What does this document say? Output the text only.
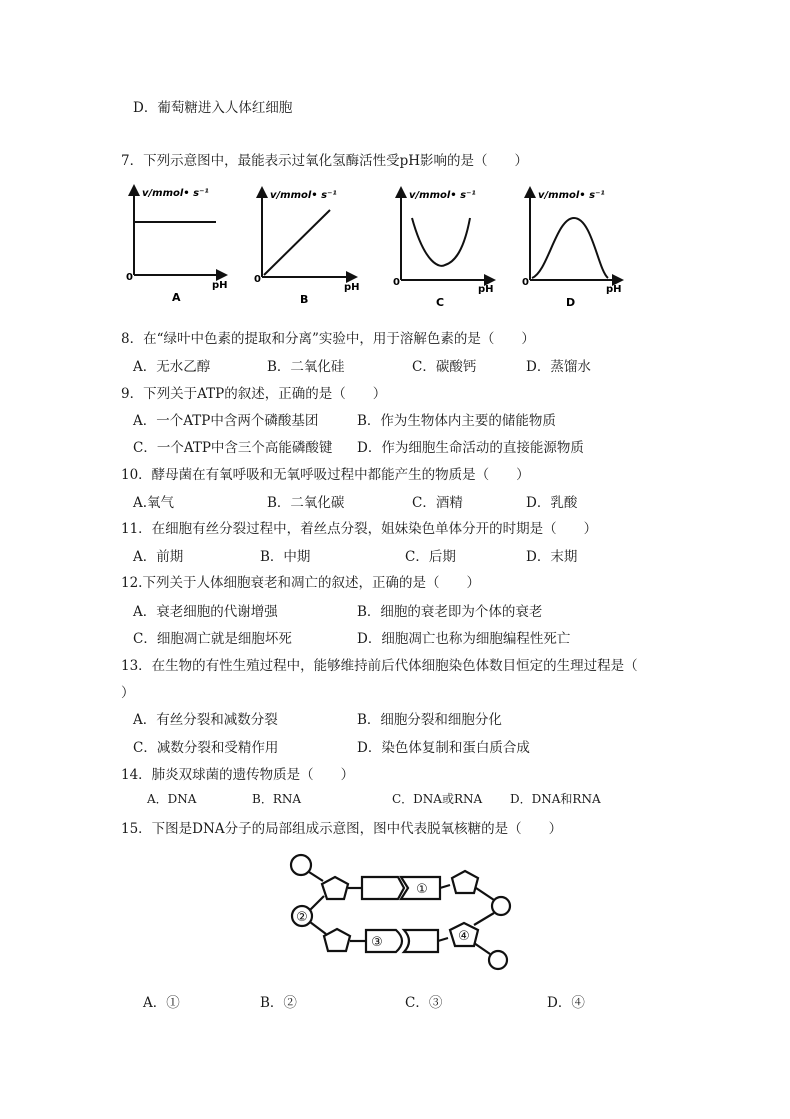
D．葡萄糖进入人体红细胞
7．下列示意图中，最能表示过氧化氢酶活性受pH影响的是（　　）
v/mmol• s⁻¹
0
pH
A
v/mmol• s⁻¹
0
pH
B
v/mmol• s⁻¹
0
pH
C
v/mmol• s⁻¹
0
pH
D
8．在“绿叶中色素的提取和分离”实验中，用于溶解色素的是（　　）
A．无水乙醇	B．二氧化硅	C．碳酸钙	D．蒸馏水
9．下列关于ATP的叙述，正确的是（　　）
A．一个ATP中含两个磷酸基团	B．作为生物体内主要的储能物质
C．一个ATP中含三个高能磷酸键 D．作为细胞生命活动的直接能源物质
10．酵母菌在有氧呼吸和无氧呼吸过程中都能产生的物质是（　　）
A.氧气	B．二氧化碳	C．酒精	D．乳酸
11．在细胞有丝分裂过程中，着丝点分裂，姐妹染色单体分开的时期是（　　）
A．前期	B．中期	C．后期	D．末期
12.下列关于人体细胞衰老和凋亡的叙述，正确的是（　　）
A．衰老细胞的代谢增强	B．细胞的衰老即为个体的衰老
C．细胞凋亡就是细胞坏死	D．细胞凋亡也称为细胞编程性死亡
13．在生物的有性生殖过程中，能够维持前后代体细胞染色体数目恒定的生理过程是（
）
A．有丝分裂和减数分裂	B．细胞分裂和细胞分化
C．减数分裂和受精作用	D．染色体复制和蛋白质合成
14．肺炎双球菌的遗传物质是（　　）
A．DNA	B．RNA	C．DNA或RNA D．DNA和RNA
15．下图是DNA分子的局部组成示意图，图中代表脱氧核糖的是（　　）
①
②
③	④
A．①	B．②	C．③	D．④
